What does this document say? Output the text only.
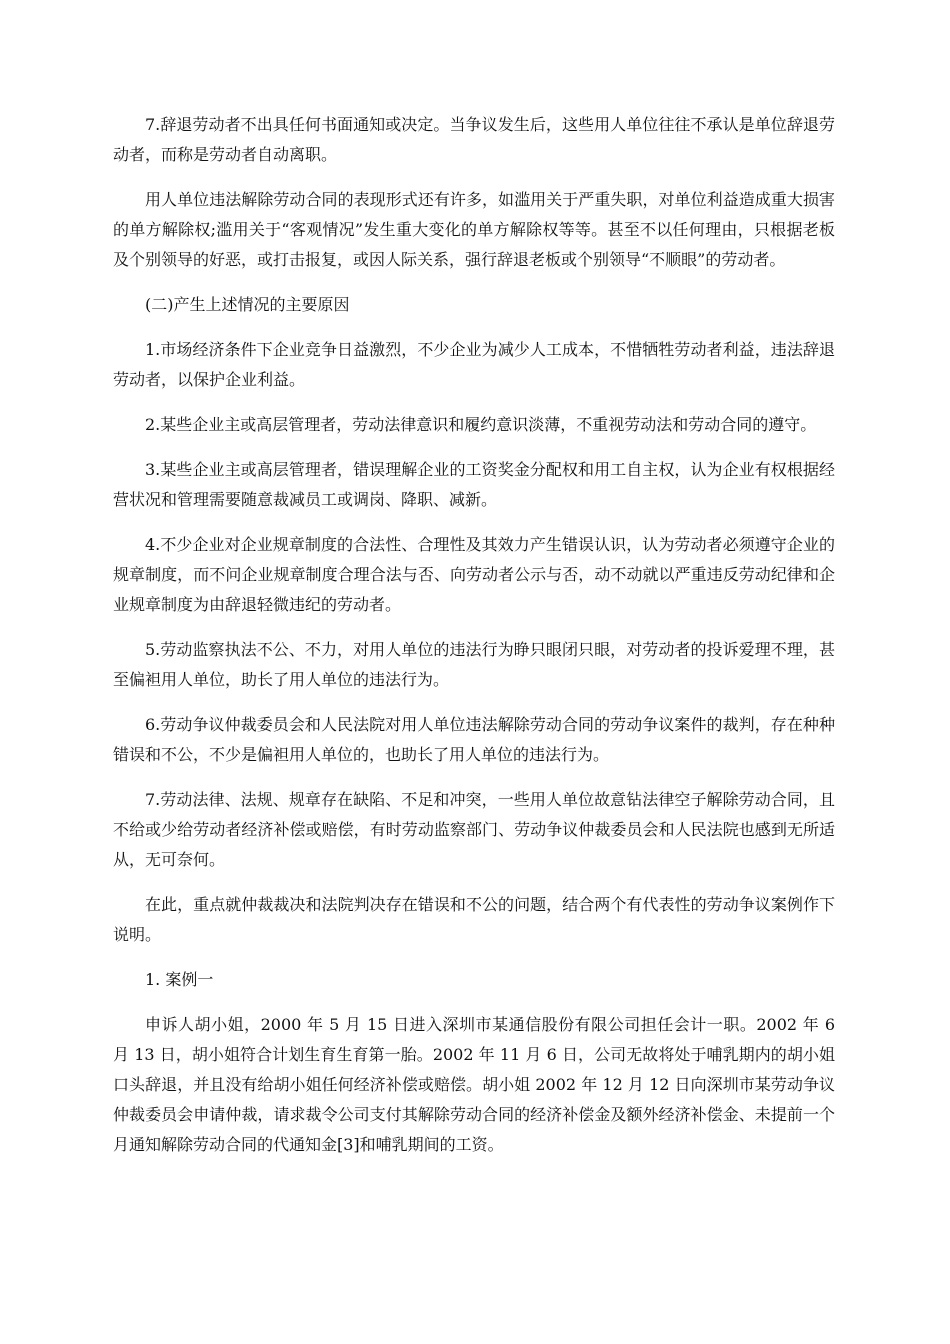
7.辞退劳动者不出具任何书面通知或决定。当争议发生后，这些用人单位往往不承认是单位辞退劳动者，而称是劳动者自动离职。

用人单位违法解除劳动合同的表现形式还有许多，如滥用关于严重失职，对单位利益造成重大损害的单方解除权;滥用关于“客观情况”发生重大变化的单方解除权等等。甚至不以任何理由，只根据老板及个别领导的好恶，或打击报复，或因人际关系，强行辞退老板或个别领导“不顺眼”的劳动者。

(二)产生上述情况的主要原因

1.市场经济条件下企业竞争日益激烈，不少企业为减少人工成本，不惜牺牲劳动者利益，违法辞退劳动者，以保护企业利益。

2.某些企业主或高层管理者，劳动法律意识和履约意识淡薄，不重视劳动法和劳动合同的遵守。

3.某些企业主或高层管理者，错误理解企业的工资奖金分配权和用工自主权，认为企业有权根据经营状况和管理需要随意裁减员工或调岗、降职、减新。

4.不少企业对企业规章制度的合法性、合理性及其效力产生错误认识，认为劳动者必须遵守企业的规章制度，而不问企业规章制度合理合法与否、向劳动者公示与否，动不动就以严重违反劳动纪律和企业规章制度为由辞退轻微违纪的劳动者。

5.劳动监察执法不公、不力，对用人单位的违法行为睁只眼闭只眼，对劳动者的投诉爱理不理，甚至偏袒用人单位，助长了用人单位的违法行为。

6.劳动争议仲裁委员会和人民法院对用人单位违法解除劳动合同的劳动争议案件的裁判，存在种种错误和不公，不少是偏袒用人单位的，也助长了用人单位的违法行为。

7.劳动法律、法规、规章存在缺陷、不足和冲突，一些用人单位故意钻法律空子解除劳动合同，且不给或少给劳动者经济补偿或赔偿，有时劳动监察部门、劳动争议仲裁委员会和人民法院也感到无所适从，无可奈何。

在此，重点就仲裁裁决和法院判决存在错误和不公的问题，结合两个有代表性的劳动争议案例作下说明。

1. 案例一

申诉人胡小姐，2000 年 5 月 15 日进入深圳市某通信股份有限公司担任会计一职。2002 年 6 月 13 日，胡小姐符合计划生育生育第一胎。2002 年 11 月 6 日，公司无故将处于哺乳期内的胡小姐口头辞退，并且没有给胡小姐任何经济补偿或赔偿。胡小姐 2002 年 12 月 12 日向深圳市某劳动争议仲裁委员会申请仲裁，请求裁令公司支付其解除劳动合同的经济补偿金及额外经济补偿金、未提前一个月通知解除劳动合同的代通知金[3]和哺乳期间的工资。
